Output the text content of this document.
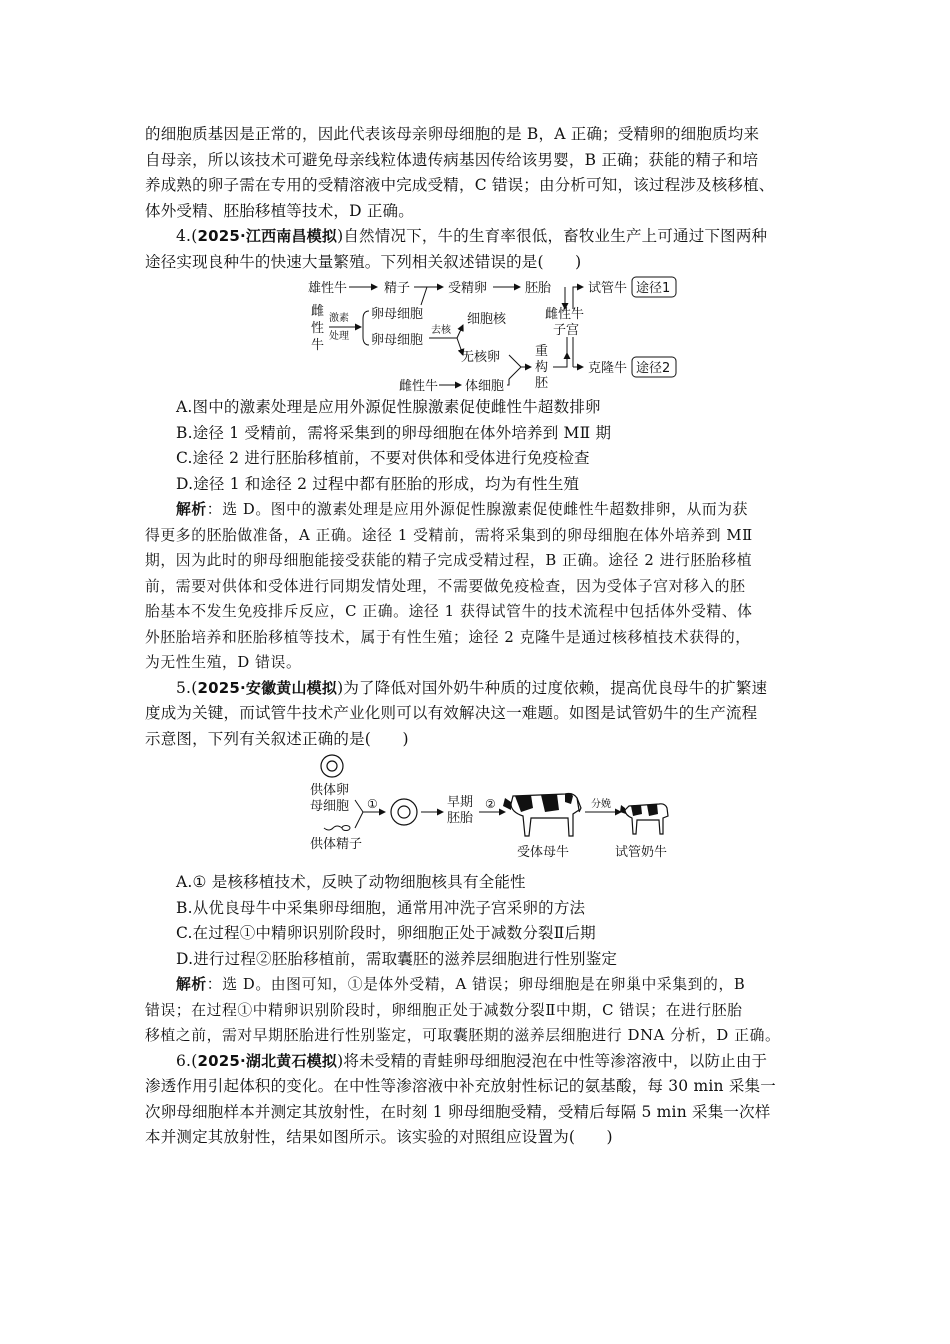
的细胞质基因是正常的，因此代表该母亲卵母细胞的是 B，A 正确；受精卵的细胞质均来
自母亲，所以该技术可避免母亲线粒体遗传病基因传给该男婴，B 正确；获能的精子和培
养成熟的卵子需在专用的受精溶液中完成受精，C 错误；由分析可知，该过程涉及核移植、
体外受精、胚胎移植等技术，D 正确。
4.(2025·江西南昌模拟)自然情况下，牛的生育率很低，畜牧业生产上可通过下图两种
途径实现良种牛的快速大量繁殖。下列相关叙述错误的是(　　)
雄性牛	精子	受精卵	胚胎	试管牛 途径1
雌
性
牛
激素
处理
卵母细胞
卵母细胞
去核
细胞核	雌性牛
子宫
无核卵	重
构
胚
克隆牛 途径2
雌性牛 体细胞
A.图中的激素处理是应用外源促性腺激素促使雌性牛超数排卵
B.途径 1 受精前，需将采集到的卵母细胞在体外培养到 MⅡ 期
C.途径 2 进行胚胎移植前，不要对供体和受体进行免疫检查
D.途径 1 和途径 2 过程中都有胚胎的形成，均为有性生殖
解析：选 D。图中的激素处理是应用外源促性腺激素促使雌性牛超数排卵，从而为获
得更多的胚胎做准备，A 正确。途径 1 受精前，需将采集到的卵母细胞在体外培养到 MⅡ
期，因为此时的卵母细胞能接受获能的精子完成受精过程，B 正确。途径 2 进行胚胎移植
前，需要对供体和受体进行同期发情处理，不需要做免疫检查，因为受体子宫对移入的胚
胎基本不发生免疫排斥反应，C 正确。途径 1 获得试管牛的技术流程中包括体外受精、体
外胚胎培养和胚胎移植等技术，属于有性生殖；途径 2 克隆牛是通过核移植技术获得的，
为无性生殖，D 错误。
5.(2025·安徽黄山模拟)为了降低对国外奶牛种质的过度依赖，提高优良母牛的扩繁速
度成为关键，而试管牛技术产业化则可以有效解决这一难题。如图是试管奶牛的生产流程
示意图，下列有关叙述正确的是(　　)
供体卵
母细胞
供体精子
①	早期
胚胎
②
受体母牛
分娩
试管奶牛
A.① 是核移植技术，反映了动物细胞核具有全能性
B.从优良母牛中采集卵母细胞，通常用冲洗子宫采卵的方法
C.在过程①中精卵识别阶段时，卵细胞正处于减数分裂Ⅱ后期
D.进行过程②胚胎移植前，需取囊胚的滋养层细胞进行性别鉴定
解析：选 D。由图可知，①是体外受精，A 错误；卵母细胞是在卵巢中采集到的，B
错误；在过程①中精卵识别阶段时，卵细胞正处于减数分裂Ⅱ中期，C 错误；在进行胚胎
移植之前，需对早期胚胎进行性别鉴定，可取囊胚期的滋养层细胞进行 DNA 分析，D 正确。
6.(2025·湖北黄石模拟)将未受精的青蛙卵母细胞浸泡在中性等渗溶液中，以防止由于
渗透作用引起体积的变化。在中性等渗溶液中补充放射性标记的氨基酸，每 30 min 采集一
次卵母细胞样本并测定其放射性，在时刻 1 卵母细胞受精，受精后每隔 5 min 采集一次样
本并测定其放射性，结果如图所示。该实验的对照组应设置为(　　)
